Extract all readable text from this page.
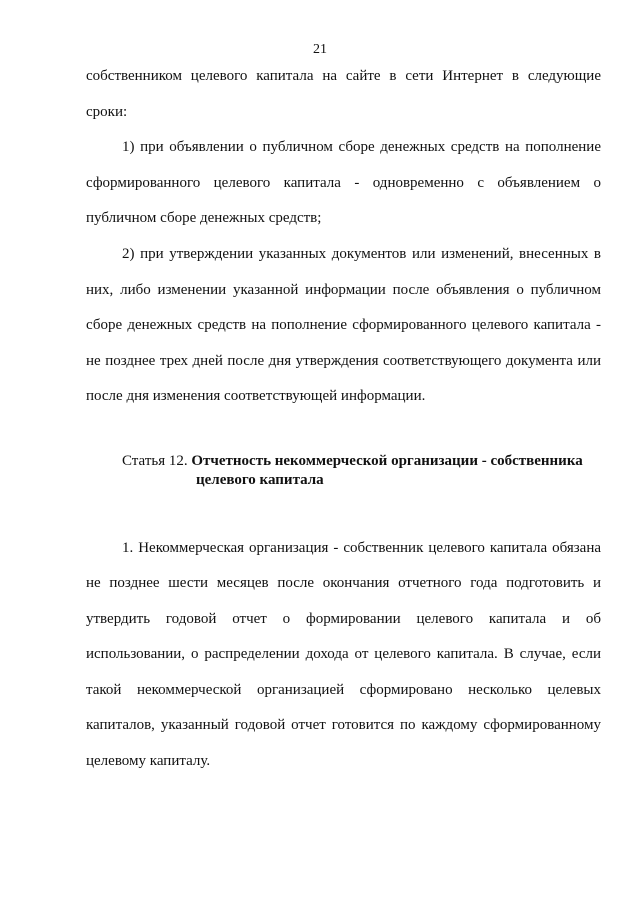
21
собственником целевого капитала на сайте в сети Интернет в следующие
сроки:
1) при объявлении о публичном сборе денежных средств на пополнение
сформированного целевого капитала - одновременно с объявлением о
публичном сборе денежных средств;
2) при утверждении указанных документов или изменений, внесенных в
них, либо изменении указанной информации после объявления о публичном
сборе денежных средств на пополнение сформированного целевого капитала -
не позднее трех дней после дня утверждения соответствующего документа или
после дня изменения соответствующей информации.
Статья 12. Отчетность некоммерческой организации - собственника
целевого капитала
1. Некоммерческая организация - собственник целевого капитала обязана
не позднее шести месяцев после окончания отчетного года подготовить и
утвердить годовой отчет о формировании целевого капитала и об
использовании, о распределении дохода от целевого капитала. В случае, если
такой некоммерческой организацией сформировано несколько целевых
капиталов, указанный годовой отчет готовится по каждому сформированному
целевому капиталу.
